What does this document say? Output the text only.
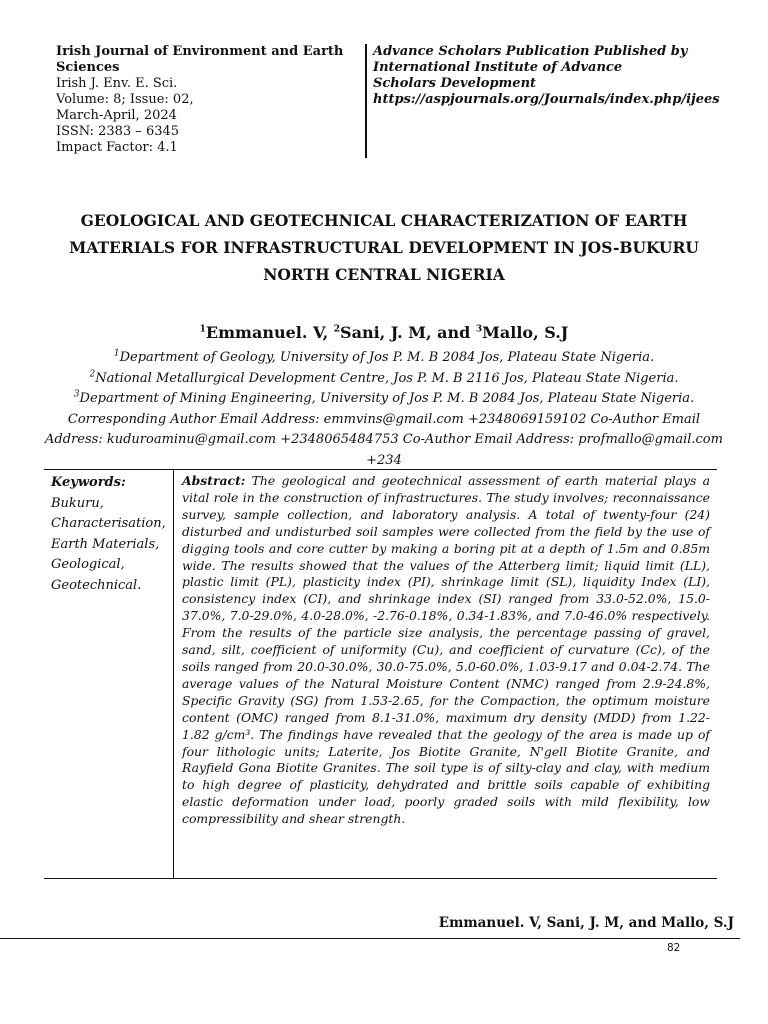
Irish Journal of Environment and Earth Sciences
Irish J. Env. E. Sci.
Volume: 8; Issue: 02,
March-April, 2024
ISSN: 2383 – 6345
Impact Factor: 4.1
Advance Scholars Publication Published by
International Institute of Advance
Scholars Development
https://aspjournals.org/Journals/index.php/ijees
GEOLOGICAL AND GEOTECHNICAL CHARACTERIZATION OF EARTH MATERIALS FOR INFRASTRUCTURAL DEVELOPMENT IN JOS-BUKURU NORTH CENTRAL NIGERIA
$^1$Emmanuel. V, $^2$Sani, J. M, and $^3$Mallo, S.J
$^1$Department of Geology, University of Jos P. M. B 2084 Jos, Plateau State Nigeria.
$^2$National Metallurgical Development Centre, Jos P. M. B 2116 Jos, Plateau State Nigeria.
$^3$Department of Mining Engineering, University of Jos P. M. B 2084 Jos, Plateau State Nigeria.
Corresponding Author Email Address: emmvins@gmail.com +2348069159102 Co-Author Email Address: kuduroaminu@gmail.com +2348065484753 Co-Author Email Address: profmallo@gmail.com +234
Keywords:
Bukuru,
Characterisation,
Earth Materials,
Geological,
Geotechnical.
Abstract: The geological and geotechnical assessment of earth material plays a vital role in the construction of infrastructures. The study involves; reconnaissance survey, sample collection, and laboratory analysis. A total of twenty-four (24) disturbed and undisturbed soil samples were collected from the field by the use of digging tools and core cutter by making a boring pit at a depth of 1.5m and 0.85m wide. The results showed that the values of the Atterberg limit; liquid limit (LL), plastic limit (PL), plasticity index (PI), shrinkage limit (SL), liquidity Index (LI), consistency index (CI), and shrinkage index (SI) ranged from 33.0-52.0%, 15.0-37.0%, 7.0-29.0%, 4.0-28.0%, -2.76-0.18%, 0.34-1.83%, and 7.0-46.0% respectively. From the results of the particle size analysis, the percentage passing of gravel, sand, silt, coefficient of uniformity (Cu), and coefficient of curvature (Cc), of the soils ranged from 20.0-30.0%, 30.0-75.0%, 5.0-60.0%, 1.03-9.17 and 0.04-2.74. The average values of the Natural Moisture Content (NMC) ranged from 2.9-24.8%, Specific Gravity (SG) from 1.53-2.65, for the Compaction, the optimum moisture content (OMC) ranged from 8.1-31.0%, maximum dry density (MDD) from 1.22-1.82 g/cm³. The findings have revealed that the geology of the area is made up of four lithologic units; Laterite, Jos Biotite Granite, N'gell Biotite Granite, and Rayfield Gona Biotite Granites. The soil type is of silty-clay and clay, with medium to high degree of plasticity, dehydrated and brittle soils capable of exhibiting elastic deformation under load, poorly graded soils with mild flexibility, low compressibility and shear strength.
Emmanuel. V, Sani, J. M, and Mallo, S.J
82
